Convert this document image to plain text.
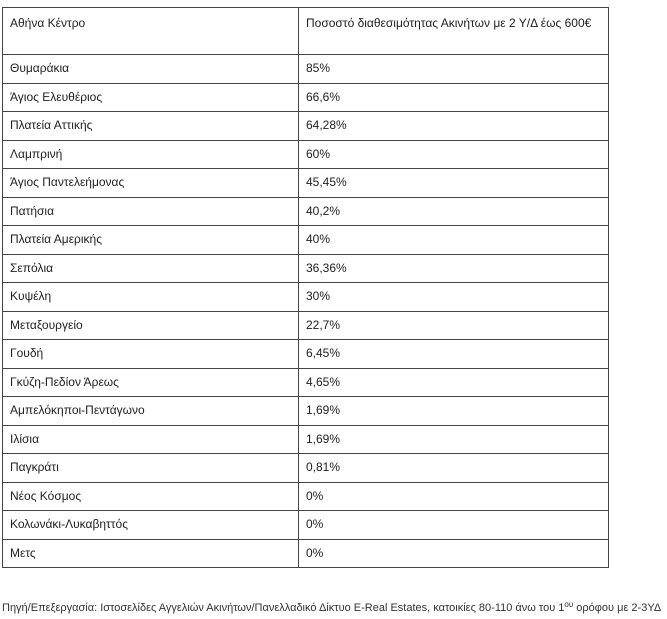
Αθήνα Κέντρο	Ποσοστό διαθεσιμότητας Ακινήτων με 2 Υ/Δ έως 600€
Θυμαράκια	85%
Άγιος Ελευθέριος	66,6%
Πλατεία Αττικής	64,28%
Λαμπρινή	60%
Άγιος Παντελεήμονας	45,45%
Πατήσια	40,2%
Πλατεία Αμερικής	40%
Σεπόλια	36,36%
Κυψέλη	30%
Μεταξουργείο	22,7%
Γουδή	6,45%
Γκύζη-Πεδίον Άρεως	4,65%
Αμπελόκηποι-Πεντάγωνο	1,69%
Ιλίσια	1,69%
Παγκράτι	0,81%
Νέος Κόσμος	0%
Κολωνάκι-Λυκαβηττός	0%
Μετς	0%
Πηγή/Επεξεργασία: Ιστοσελίδες Αγγελιών Ακινήτων/Πανελλαδικό Δίκτυο E-Real Estates, κατοικίες 80-110 άνω του $1^{o\upsilon}$ ορόφου με 2-3ΥΔ
